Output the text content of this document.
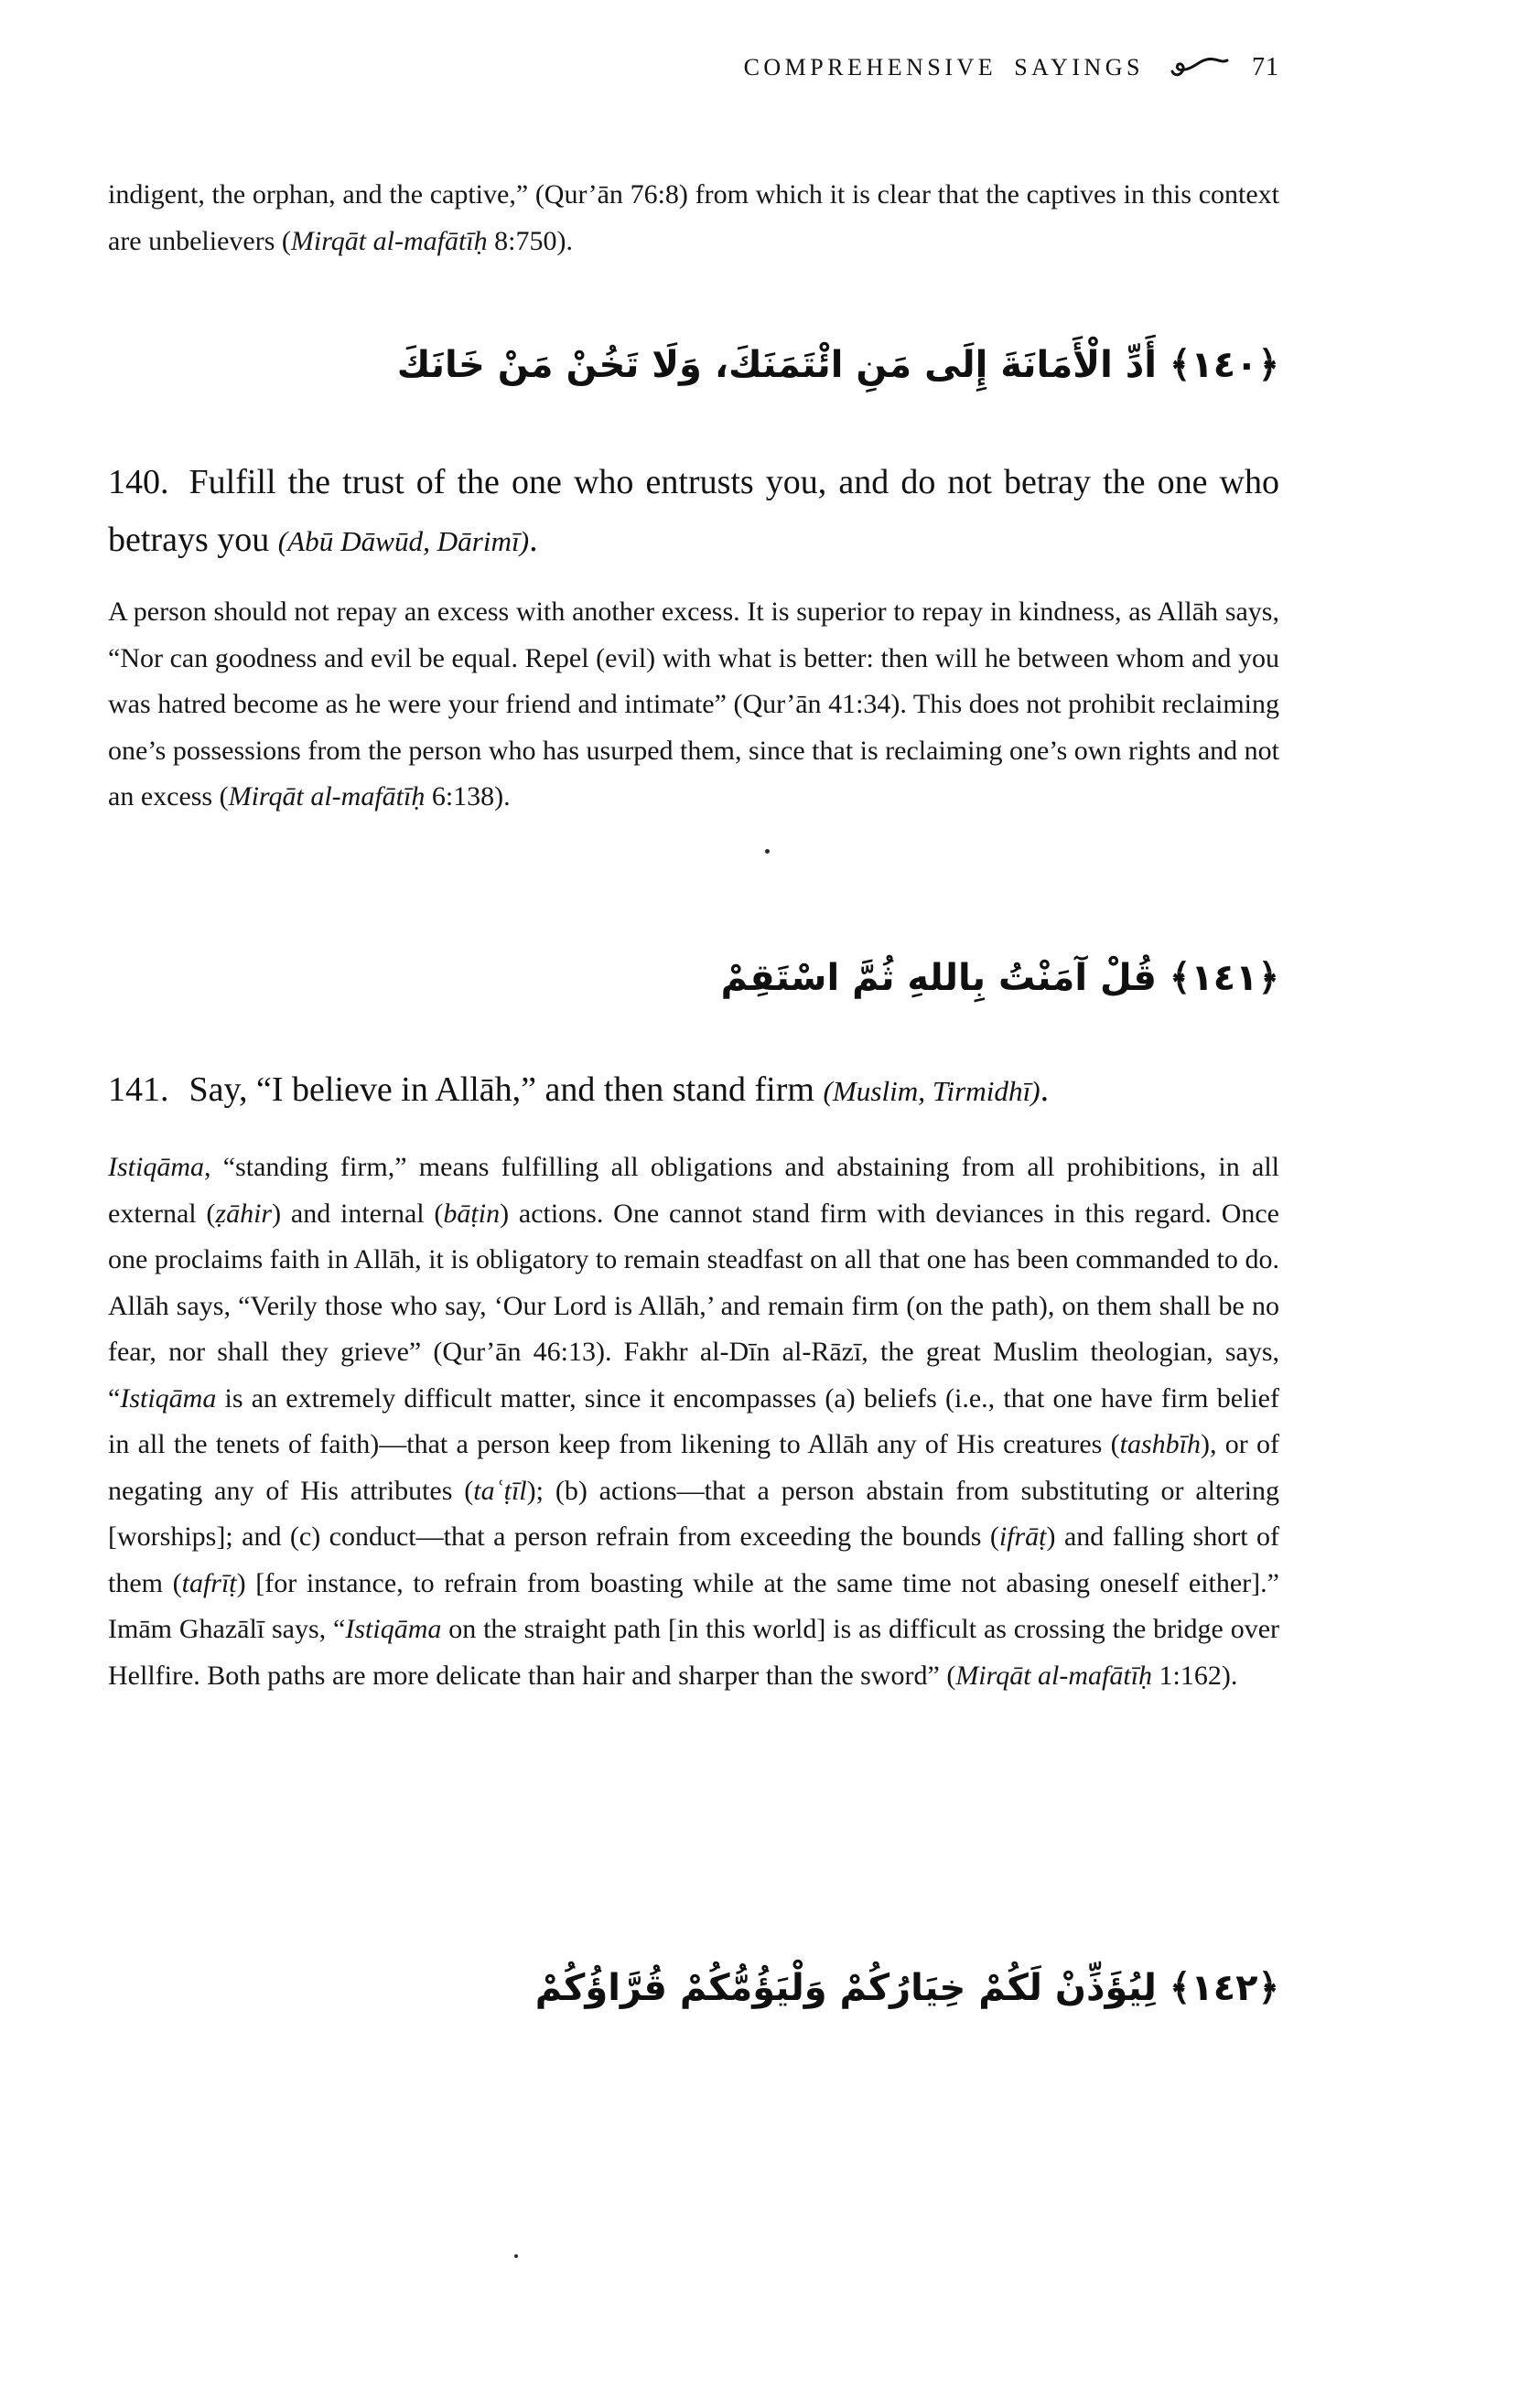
COMPREHENSIVE SAYINGS	71

indigent, the orphan, and the captive,” (Qur’ān 76:8) from which it is clear that the captives in this context are unbelievers (Mirqāt al-mafātīḥ 8:750).

﴿١٤٠﴾ أَدِّ الْأَمَانَةَ إِلَى مَنِ ائْتَمَنَكَ، وَلَا تَخُنْ مَنْ خَانَكَ

140. Fulfill the trust of the one who entrusts you, and do not betray the one who betrays you (Abū Dāwūd, Dārimī).

A person should not repay an excess with another excess. It is superior to repay in kindness, as Allāh says, “Nor can goodness and evil be equal. Repel (evil) with what is better: then will he between whom and you was hatred become as he were your friend and intimate” (Qur’ān 41:34). This does not prohibit reclaiming one’s possessions from the person who has usurped them, since that is reclaiming one’s own rights and not an excess (Mirqāt al-mafātīḥ 6:138).

﴿١٤١﴾ قُلْ آمَنْتُ بِاللهِ ثُمَّ اسْتَقِمْ

141. Say, “I believe in Allāh,” and then stand firm (Muslim, Tirmidhī).

Istiqāma, “standing firm,” means fulfilling all obligations and abstaining from all prohibitions, in all external (ẓāhir) and internal (bāṭin) actions. One cannot stand firm with deviances in this regard. Once one proclaims faith in Allāh, it is obligatory to remain steadfast on all that one has been commanded to do. Allāh says, “Verily those who say, ‘Our Lord is Allāh,’ and remain firm (on the path), on them shall be no fear, nor shall they grieve” (Qur’ān 46:13). Fakhr al-Dīn al-Rāzī, the great Muslim theologian, says, “Istiqāma is an extremely difficult matter, since it encompasses (a) beliefs (i.e., that one have firm belief in all the tenets of faith)—that a person keep from likening to Allāh any of His creatures (tashbīh), or of negating any of His attributes (taʿṭīl); (b) actions—that a person abstain from substituting or altering [worships]; and (c) conduct—that a person refrain from exceeding the bounds (ifrāṭ) and falling short of them (tafrīṭ) [for instance, to refrain from boasting while at the same time not abasing oneself either].” Imām Ghazālī says, “Istiqāma on the straight path [in this world] is as difficult as crossing the bridge over Hellfire. Both paths are more delicate than hair and sharper than the sword” (Mirqāt al-mafātīḥ 1:162).

﴿١٤٢﴾ لِيُؤَذِّنْ لَكُمْ خِيَارُكُمْ وَلْيَؤُمُّكُمْ قُرَّاؤُكُمْ
